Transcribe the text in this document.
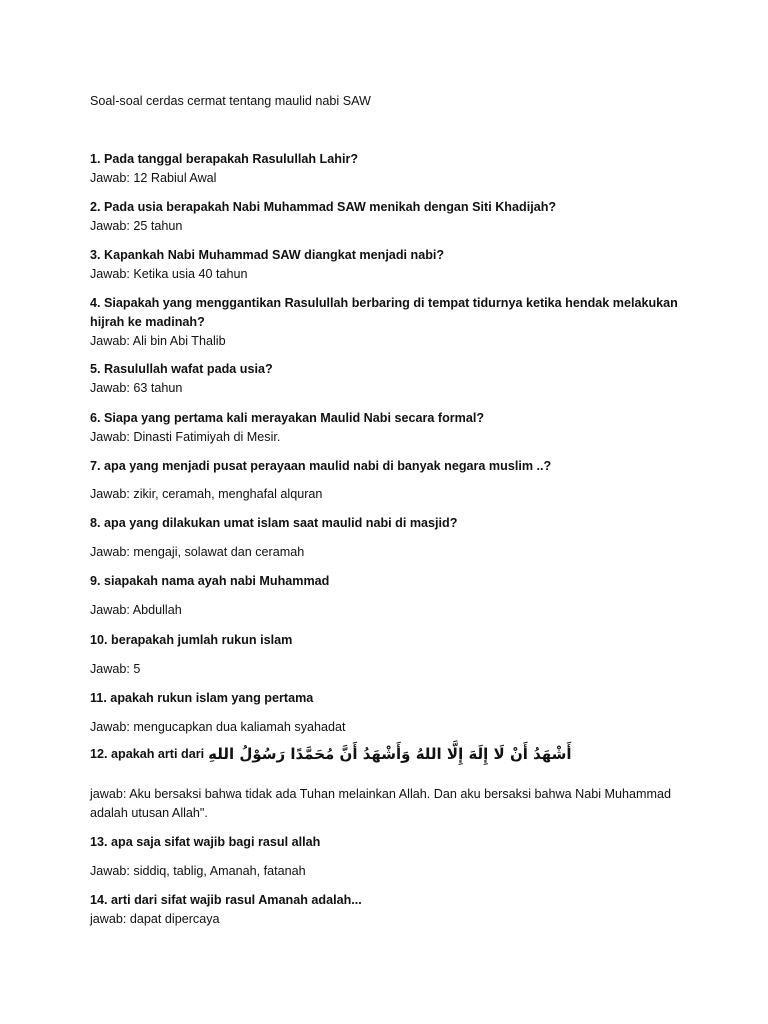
Soal-soal cerdas cermat tentang maulid nabi SAW

1. Pada tanggal berapakah Rasulullah Lahir?

Jawab: 12 Rabiul Awal

2. Pada usia berapakah Nabi Muhammad SAW menikah dengan Siti Khadijah?

Jawab: 25 tahun

3. Kapankah Nabi Muhammad SAW diangkat menjadi nabi?

Jawab: Ketika usia 40 tahun

4. Siapakah yang menggantikan Rasulullah berbaring di tempat tidurnya ketika hendak melakukan hijrah ke madinah?

Jawab: Ali bin Abi Thalib

5. Rasulullah wafat pada usia?

Jawab: 63 tahun

6. Siapa yang pertama kali merayakan Maulid Nabi secara formal?

Jawab: Dinasti Fatimiyah di Mesir.

7. apa yang menjadi pusat perayaan maulid nabi di banyak negara muslim ..?

Jawab: zikir, ceramah, menghafal alquran

8. apa yang dilakukan umat islam saat maulid nabi di masjid?

Jawab: mengaji, solawat dan ceramah

9. siapakah nama ayah nabi Muhammad

Jawab: Abdullah

10. berapakah jumlah rukun islam

Jawab: 5

11. apakah rukun islam yang pertama

Jawab: mengucapkan dua kaliamah syahadat

12. apakah arti dari أَشْهَدُ أَنْ لَا إِلَهَ إِلَّا اللهُ وَأَشْهَدُ أَنَّ مُحَمَّدًا رَسُوْلُ اللهِ

jawab: Aku bersaksi bahwa tidak ada Tuhan melainkan Allah. Dan aku bersaksi bahwa Nabi Muhammad adalah utusan Allah".

13. apa saja sifat wajib bagi rasul allah

Jawab: siddiq, tablig, Amanah, fatanah

14. arti dari sifat wajib rasul Amanah adalah...

jawab: dapat dipercaya
